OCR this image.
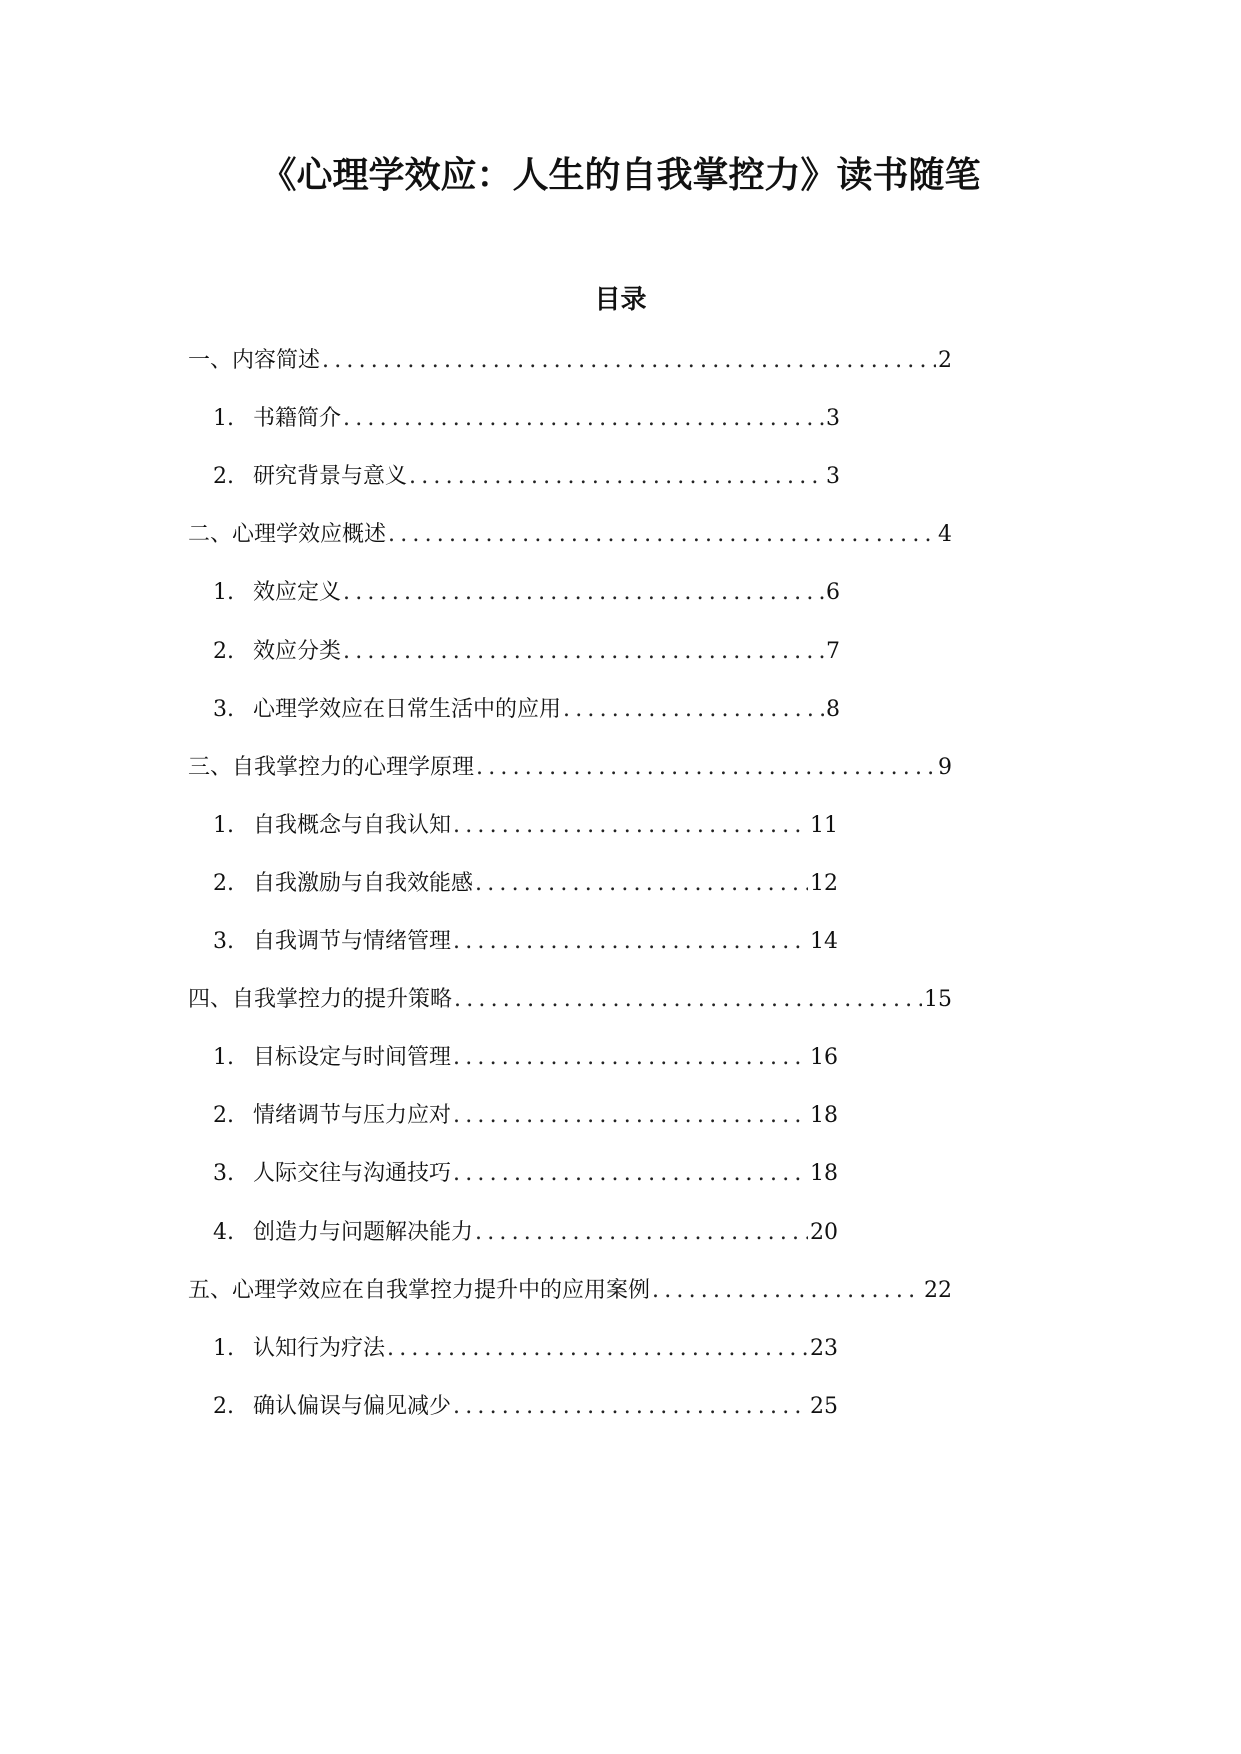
《心理学效应：人生的自我掌控力》读书随笔
目录
一、内容简述 .....	2
1. 书籍简介 .....	3
2. 研究背景与意义 .....	3
二、心理学效应概述 .....	4
1. 效应定义 .....	6
2. 效应分类 .....	7
3. 心理学效应在日常生活中的应用 .....	8
三、自我掌控力的心理学原理 .....	9
1. 自我概念与自我认知 .....	11
2. 自我激励与自我效能感 .....	12
3. 自我调节与情绪管理 .....	14
四、自我掌控力的提升策略 .....	15
1. 目标设定与时间管理 .....	16
2. 情绪调节与压力应对 .....	18
3. 人际交往与沟通技巧 .....	18
4. 创造力与问题解决能力 .....	20
五、心理学效应在自我掌控力提升中的应用案例 .....	22
1. 认知行为疗法 .....	23
2. 确认偏误与偏见减少 .....	25
